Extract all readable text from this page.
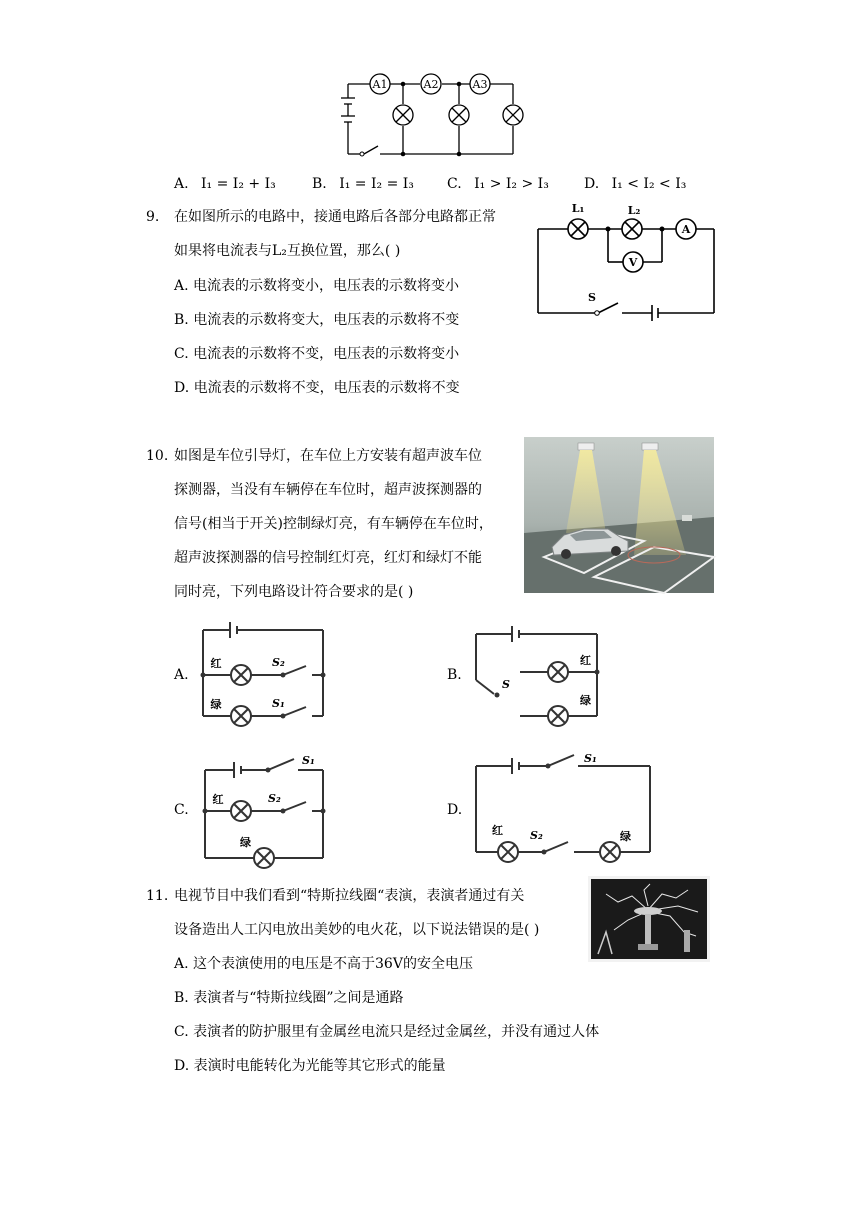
A1	A2	A3
A. I₁ = I₂ + I₃	B. I₁ = I₂ = I₃ C. I₁ > I₂ > I₃	D. I₁ < I₂ < I₃
9. 在如图所示的电路中，接通电路后各部分电路都正常
如果将电流表与L₂互换位置，那么( )
A. 电流表的示数将变小，电压表的示数将变小
B. 电流表的示数将变大，电压表的示数将不变
C. 电流表的示数将不变，电压表的示数将变小
D. 电流表的示数将不变，电压表的示数将不变
L₁	L₂
A
V
S
10. 如图是车位引导灯，在车位上方安装有超声波车位
探测器，当没有车辆停在车位时，超声波探测器的
信号(相当于开关)控制绿灯亮，有车辆停在车位时，
超声波探测器的信号控制红灯亮，红灯和绿灯不能
同时亮，下列电路设计符合要求的是( )
A.	B.
C.	D.
红
绿
S₂
S₁
S
红
绿
S₁
红	S₂
绿
S₁
红 S₂	绿
11. 电视节目中我们看到“特斯拉线圈“表演，表演者通过有关
设备造出人工闪电放出美妙的电火花，以下说法错误的是( )
A. 这个表演使用的电压是不高于36V的安全电压
B. 表演者与“特斯拉线圈”之间是通路
C. 表演者的防护服里有金属丝电流只是经过金属丝，并没有通过人体
D. 表演时电能转化为光能等其它形式的能量
